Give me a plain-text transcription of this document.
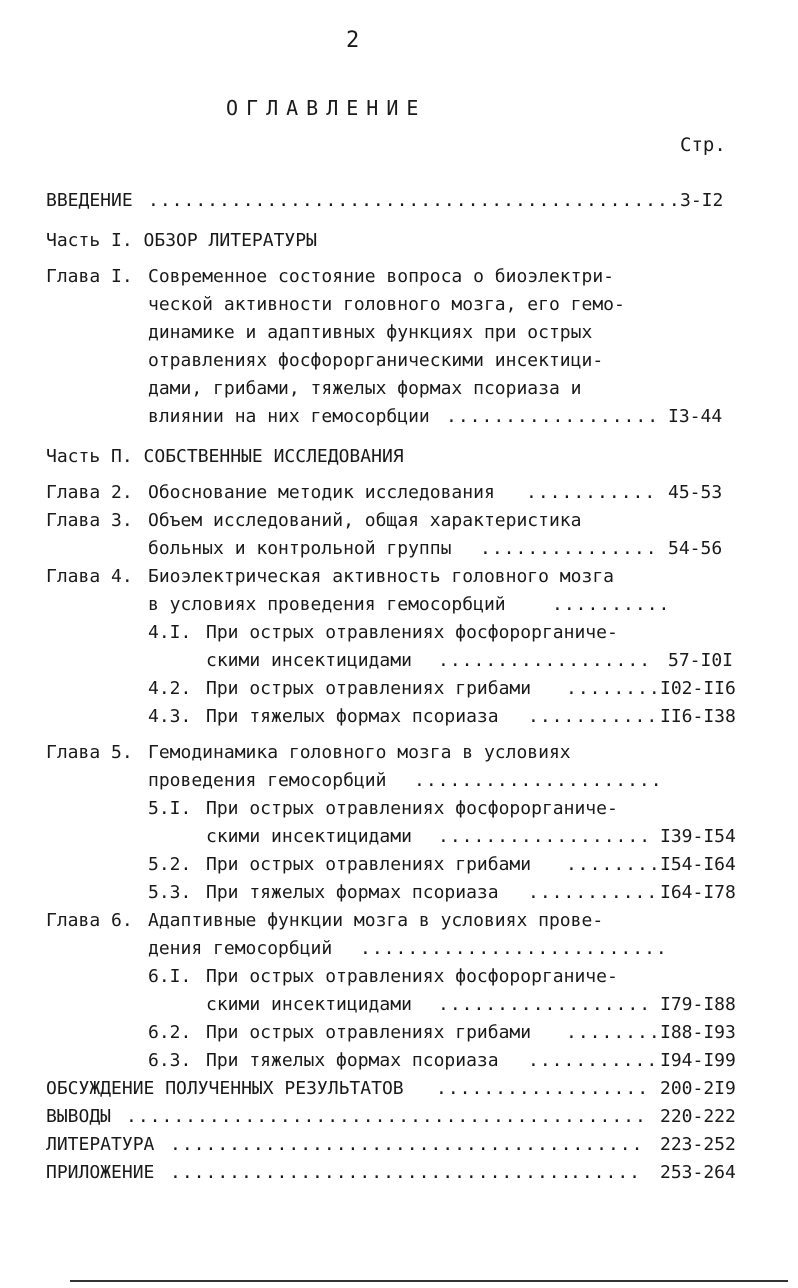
2
ОГЛАВЛЕНИЕ
Стр.
ВВЕДЕНИЕ ............................................. 3-I2
Часть I. ОБЗОР ЛИТЕРАТУРЫ
Глава I. Современное состояние вопроса о биоэлектри-
ческой активности головного мозга, его гемо-
динамике и адаптивных функциях при острых
отравлениях фосфорорганическими инсектици-
дами, грибами, тяжелых формах псориаза и
влиянии на них гемосорбции .................. I3-44
Часть П. СОБСТВЕННЫЕ ИССЛЕДОВАНИЯ
Глава 2. Обоснование методик исследования ........... 45-53
Глава 3. Объем исследований, общая характеристика
больных и контрольной группы ............... 54-56
Глава 4. Биоэлектрическая активность головного мозга
в условиях проведения гемосорбций	..........
4.I. При острых отравлениях фосфорорганиче-
скими инсектицидами .................. 57-I0I
4.2. При острых отравлениях грибами ........ I02-II6
4.3. При тяжелых формах псориаза ........... II6-I38
Глава 5. Гемодинамика головного мозга в условиях
проведения гемосорбций .....................
5.I. При острых отравлениях фосфорорганиче-
скими инсектицидами .................. I39-I54
5.2. При острых отравлениях грибами ........ I54-I64
5.3. При тяжелых формах псориаза ........... I64-I78
Глава 6. Адаптивные функции мозга в условиях прове-
дения гемосорбций ..........................
6.I. При острых отравлениях фосфорорганиче-
скими инсектицидами .................. I79-I88
6.2. При острых отравлениях грибами ........ I88-I93
6.3. При тяжелых формах псориаза ........... I94-I99
ОБСУЖДЕНИЕ ПОЛУЧЕННЫХ РЕЗУЛЬТАТОВ .................. 200-2I9
ВЫВОДЫ ............................................ 220-222
ЛИТЕРАТУРА ........................................ 223-252
ПРИЛОЖЕНИЕ ..................................
...... 253-264
